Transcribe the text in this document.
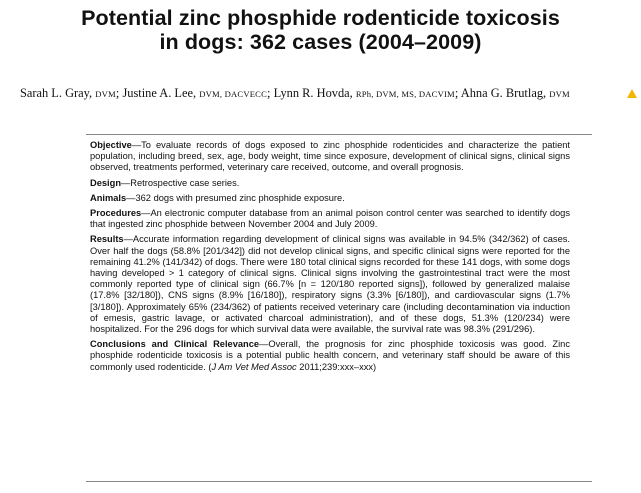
Potential zinc phosphide rodenticide toxicosis
in dogs: 362 cases (2004–2009)
Sarah L. Gray, DVM; Justine A. Lee, DVM, DACVECC; Lynn R. Hovda, RPh, DVM, MS, DACVIM; Ahna G. Brutlag, DVM

Objective—To evaluate records of dogs exposed to zinc phosphide rodenticides and characterize the patient population, including breed, sex, age, body weight, time since exposure, development of clinical signs, clinical signs observed, treatments performed, veterinary care received, outcome, and overall prognosis.

Design—Retrospective case series.

Animals—362 dogs with presumed zinc phosphide exposure.

Procedures—An electronic computer database from an animal poison control center was searched to identify dogs that ingested zinc phosphide between November 2004 and July 2009.

Results—Accurate information regarding development of clinical signs was available in 94.5% (342/362) of cases. Over half the dogs (58.8% [201/342]) did not develop clinical signs, and specific clinical signs were reported for the remaining 41.2% (141/342) of dogs. There were 180 total clinical signs recorded for these 141 dogs, with some dogs having developed > 1 category of clinical signs. Clinical signs involving the gastrointestinal tract were the most commonly reported type of clinical sign (66.7% [n = 120/180 reported signs]), followed by generalized malaise (17.8% [32/180]), CNS signs (8.9% [16/180]), respiratory signs (3.3% [6/180]), and cardiovascular signs (1.7% [3/180]). Approximately 65% (234/362) of patients received veterinary care (including decontamination via induction of emesis, gastric lavage, or activated charcoal administration), and of these dogs, 51.3% (120/234) were hospitalized. For the 296 dogs for which survival data were available, the survival rate was 98.3% (291/296).

Conclusions and Clinical Relevance—Overall, the prognosis for zinc phosphide toxicosis was good. Zinc phosphide rodenticide toxicosis is a potential public health concern, and veterinary staff should be aware of this commonly used rodenticide. (J Am Vet Med Assoc 2011;239:xxx–xxx)
